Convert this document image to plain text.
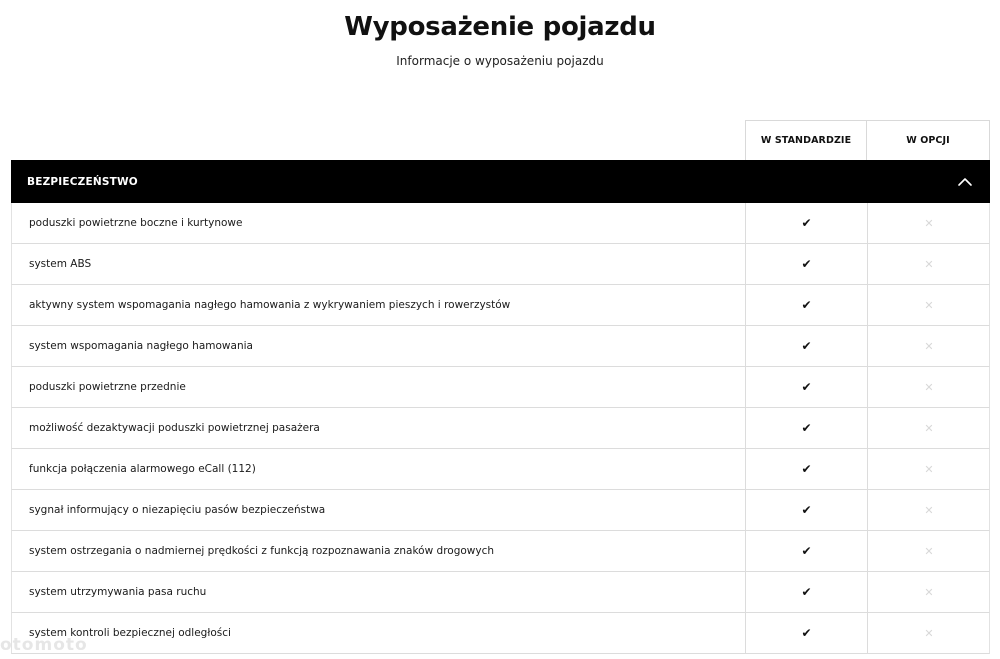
Wyposażenie pojazdu
Informacje o wyposażeniu pojazdu
W STANDARDZIE	W OPCJI
BEZPIECZEŃSTWO
poduszki powietrzne boczne i kurtynowe	✔	✕
system ABS	✔	✕
aktywny system wspomagania nagłego hamowania z wykrywaniem pieszych i rowerzystów	✔	✕
system wspomagania nagłego hamowania	✔	✕
poduszki powietrzne przednie	✔	✕
możliwość dezaktywacji poduszki powietrznej pasażera	✔	✕
funkcja połączenia alarmowego eCall (112)	✔	✕
sygnał informujący o niezapięciu pasów bezpieczeństwa	✔	✕
system ostrzegania o nadmiernej prędkości z funkcją rozpoznawania znaków drogowych	✔	✕
system utrzymywania pasa ruchu	✔	✕
system kontroli bezpiecznej odległości	✔	✕
otomoto
